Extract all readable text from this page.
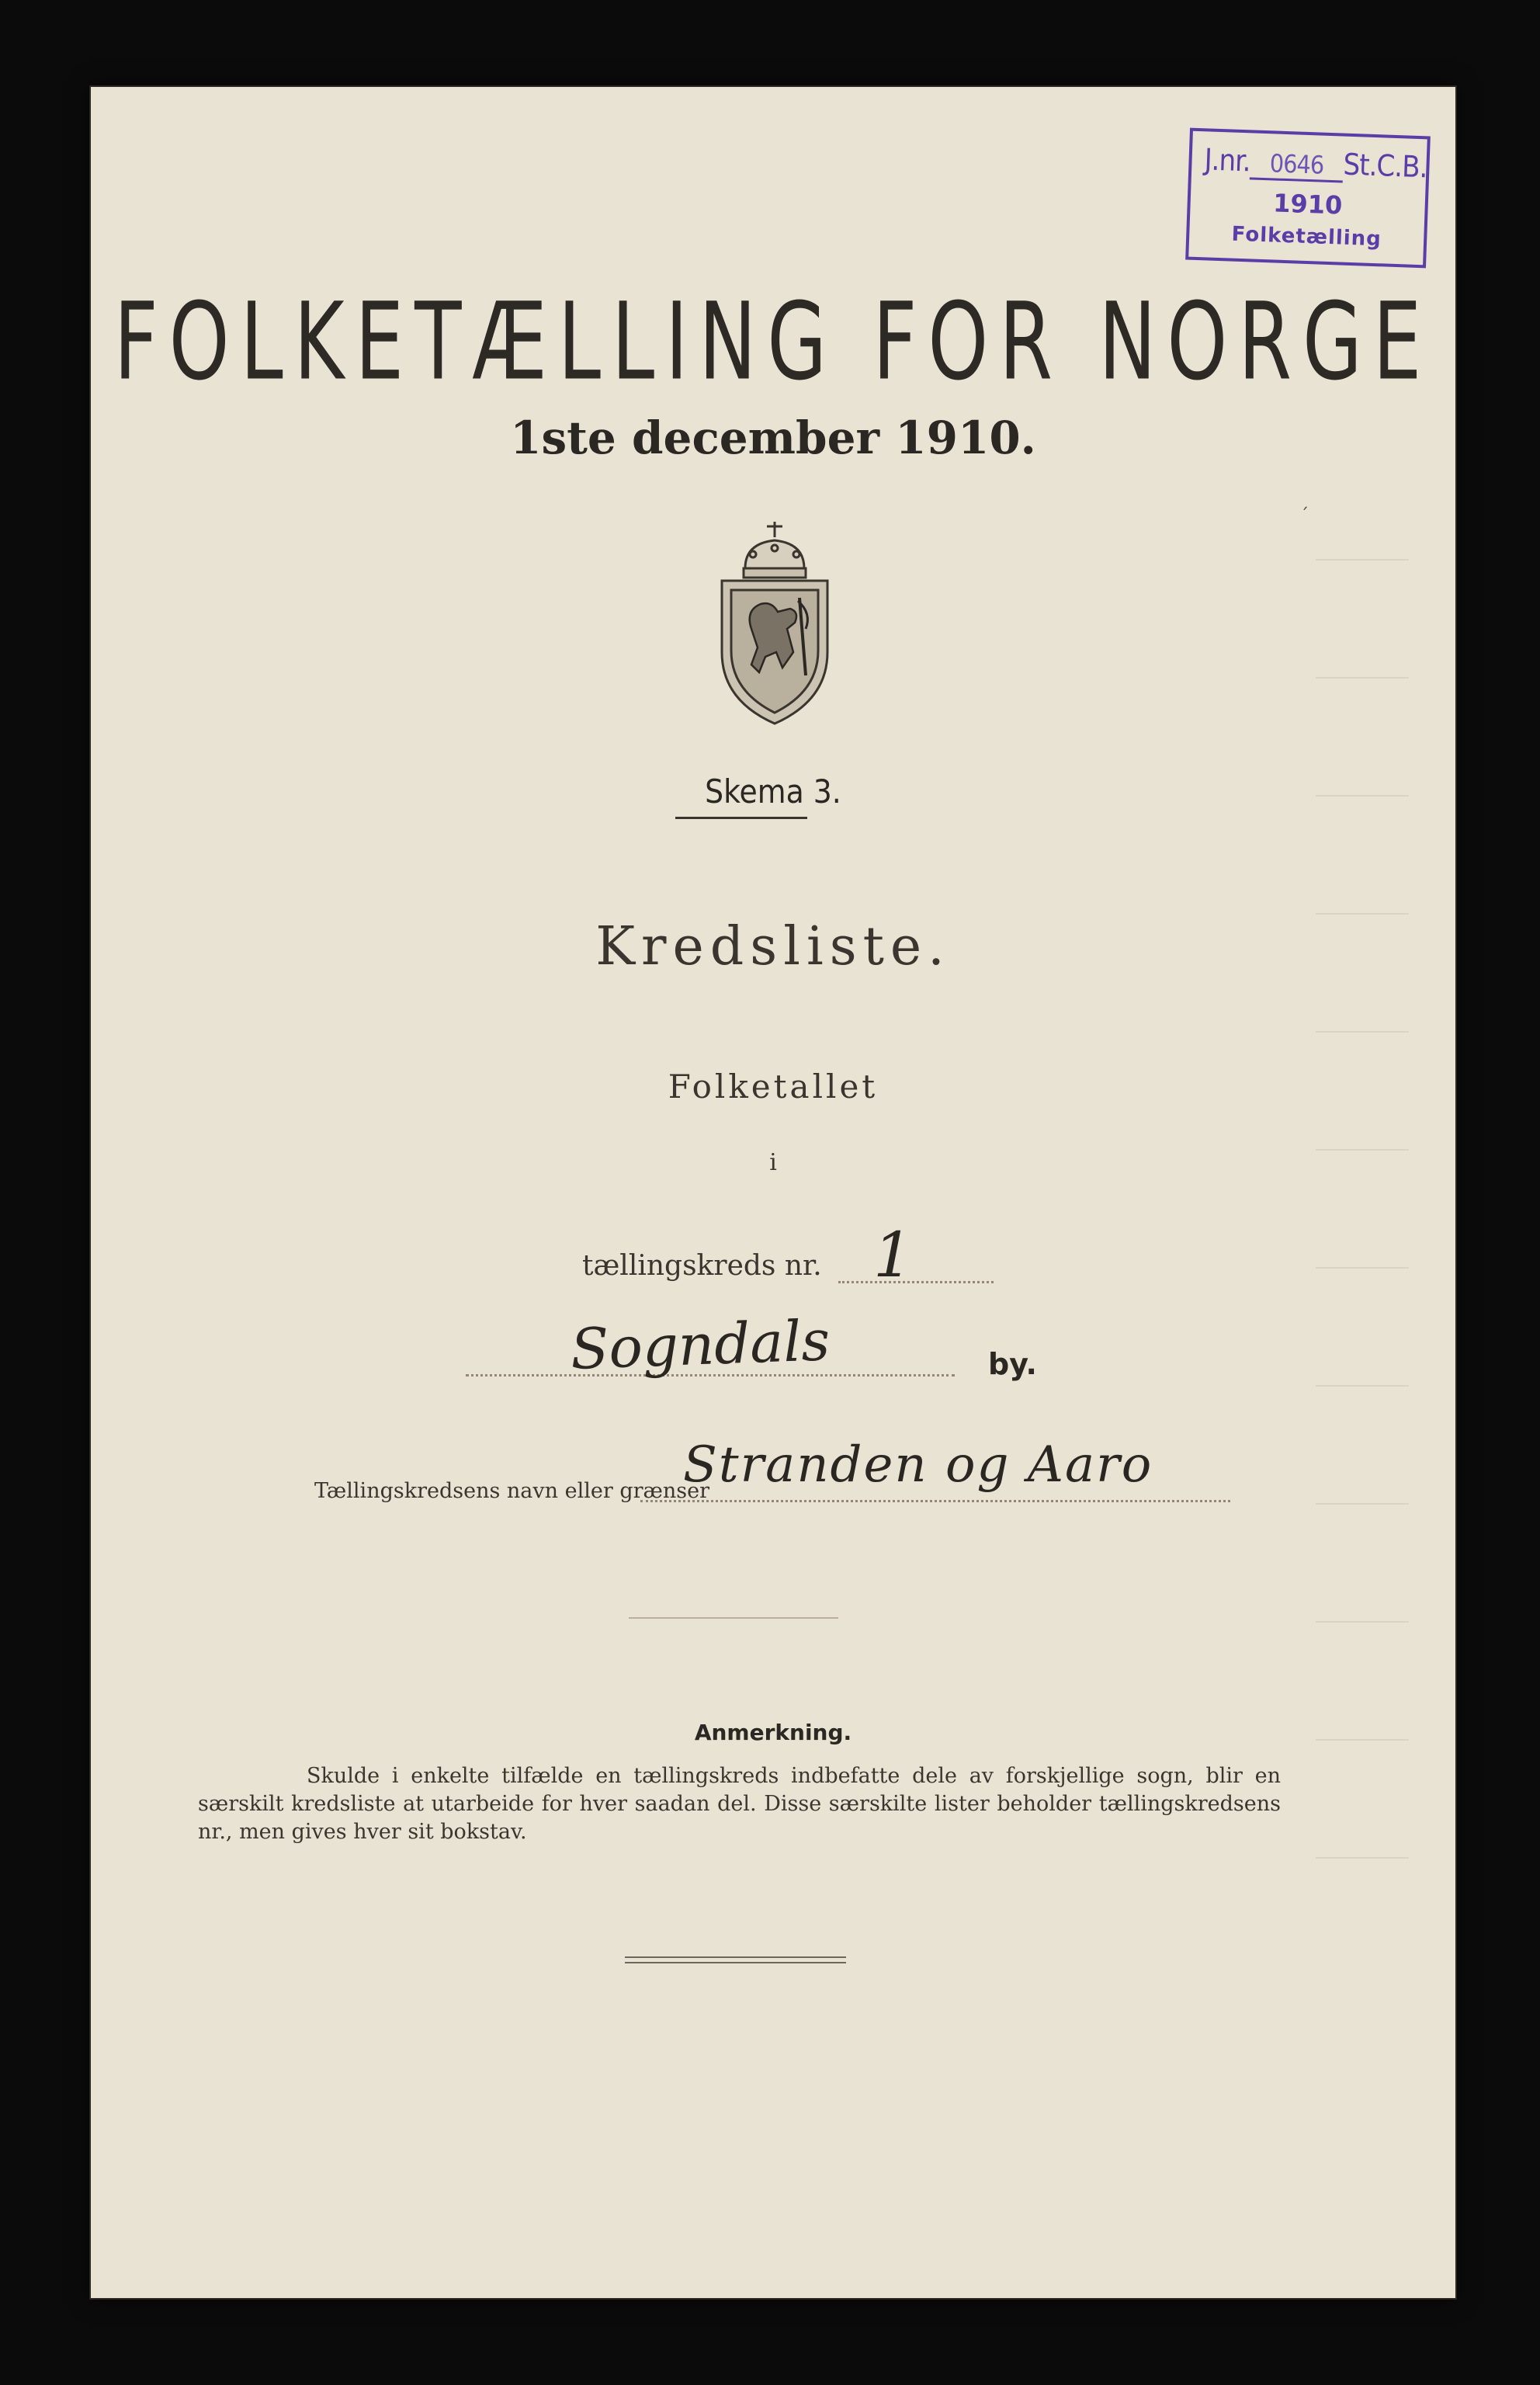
ˊ
J.nr. 0646 St.C.B.
1910
Folketælling
FOLKETÆLLING FOR NORGE
1ste december 1910.
Skema 3.
Kredsliste.
Folketallet
i
tællingskreds nr. 1
Sogndals	by.
Tællingskredsens navn eller grænser
Stranden og Aaro
Anmerkning.
Skulde i enkelte tilfælde en tællingskreds indbefatte dele av forskjellige sogn, blir en særskilt kredsliste at utarbeide for hver saadan del. Disse særskilte lister beholder tællingskredsens nr., men gives hver sit bokstav.
